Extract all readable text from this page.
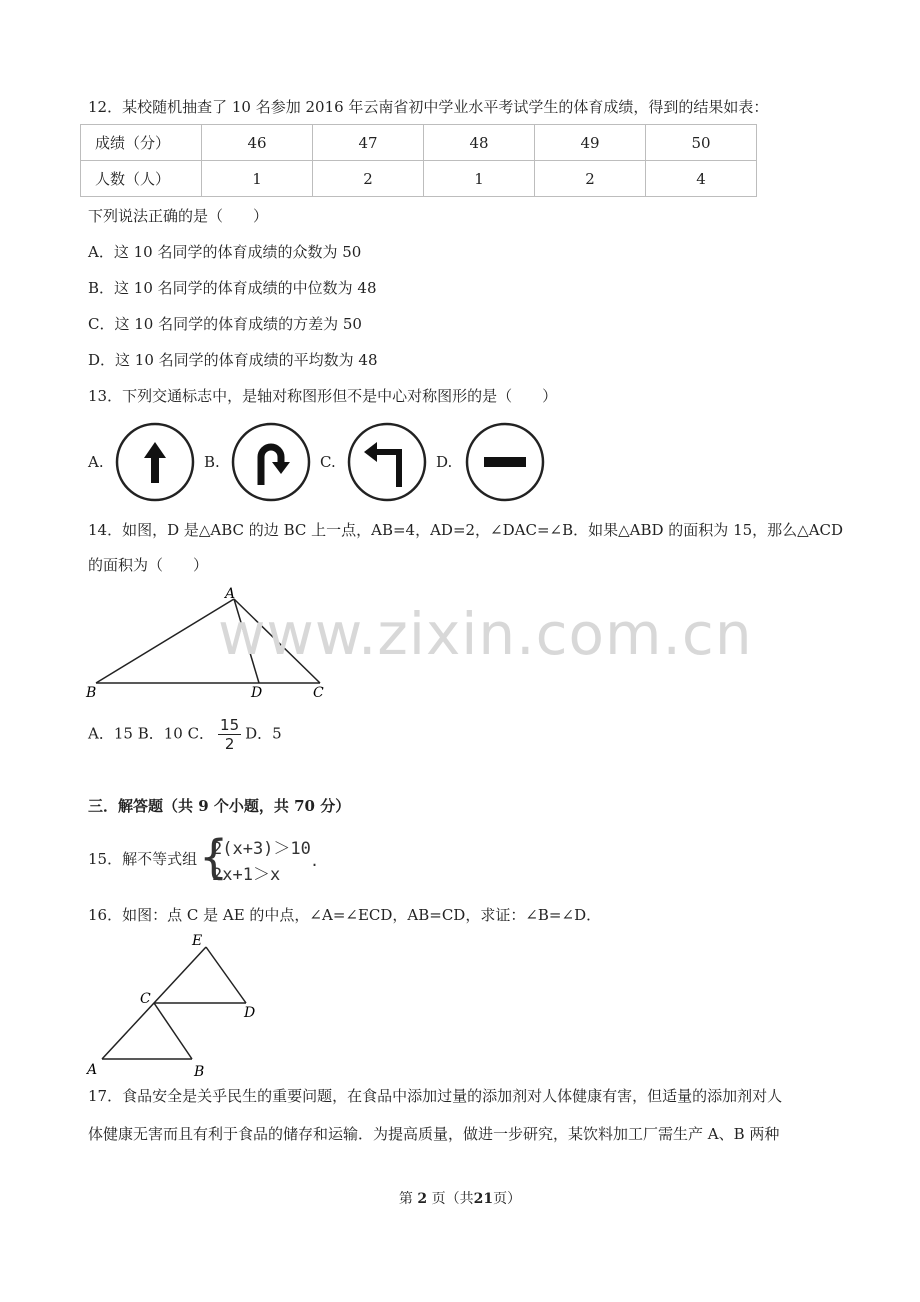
12．某校随机抽查了 10 名参加 2016 年云南省初中学业水平考试学生的体育成绩，得到的结果如表：
成绩（分）	46	47	48	49	50
人数（人）	1	2	1	2	4
下列说法正确的是（　　）
A．这 10 名同学的体育成绩的众数为 50
B．这 10 名同学的体育成绩的中位数为 48
C．这 10 名同学的体育成绩的方差为 50
D．这 10 名同学的体育成绩的平均数为 48
13．下列交通标志中，是轴对称图形但不是中心对称图形的是（　　）
A.	B.	C.	D.
14．如图，D 是△ABC 的边 BC 上一点，AB=4，AD=2，∠DAC=∠B．如果△ABD 的面积为 15，那么△ACD
的面积为（　　）
A
B	D	C
A．15 B．10 C． $\frac{15}{2}$ D．5
三．解答题（共 9 个小题，共 70 分）
15．解不等式组 {
2(x+3)＞10
2x+1＞x
.
16．如图：点 C 是 AE 的中点，∠A=∠ECD，AB=CD，求证：∠B=∠D．
E
C
D
A	B
17．食品安全是关乎民生的重要问题，在食品中添加过量的添加剂对人体健康有害，但适量的添加剂对人
体健康无害而且有利于食品的储存和运输．为提高质量，做进一步研究，某饮料加工厂需生产 A、B 两种
www.zixin.com.cn
第 2 页（共21页）
